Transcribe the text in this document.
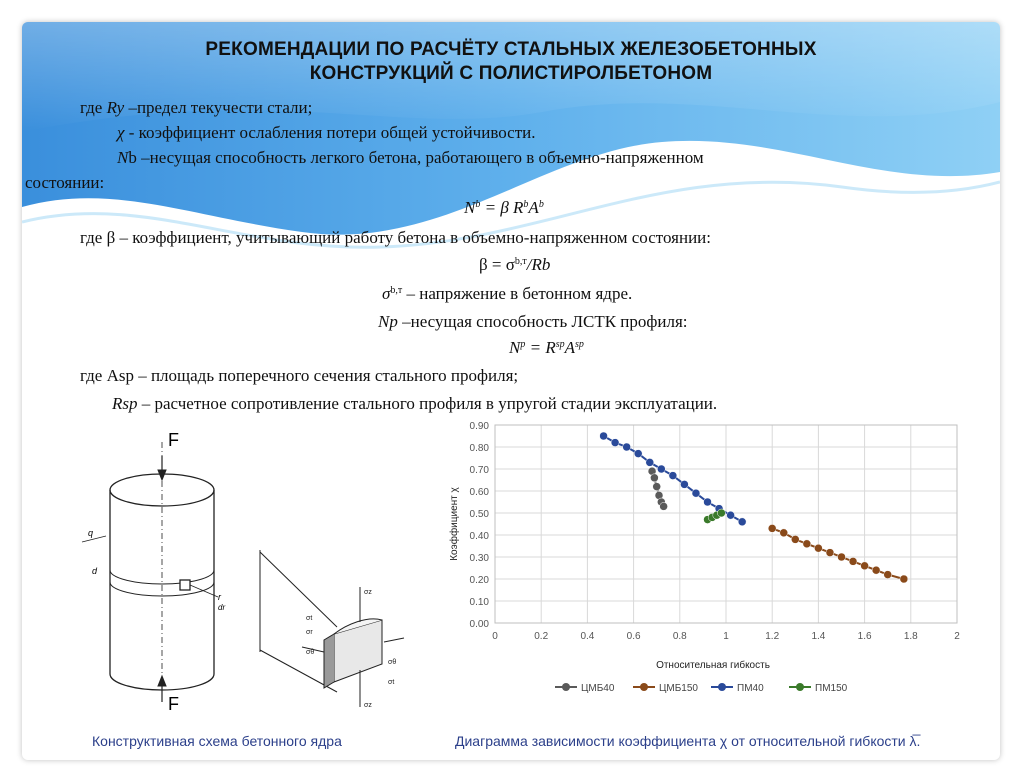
РЕКОМЕНДАЦИИ ПО РАСЧЁТУ СТАЛЬНЫХ ЖЕЛЕЗОБЕТОННЫХ
КОНСТРУКЦИЙ С ПОЛИСТИРОЛБЕТОНОМ
где Ry –предел текучести стали;
χ - коэффициент ослабления потери общей устойчивости.
Nb –несущая способность легкого бетона, работающего в объемно-напряженном
состоянии:
$N^b = \beta$ $R^bA^b$
где β – коэффициент, учитывающий работу бетона в объемно-напряженном состоянии:
$\beta = \sigma^{b,т}/Rb$
$\sigma^{b,т}$ – напряжение в бетонном ядре.
Np –несущая способность ЛСТК профиля:
$N^p = R^{sp}A^{sp}$
где Asp – площадь поперечного сечения стального профиля;
Rsp – расчетное сопротивление стального профиля в упругой стадии эксплуатации.
F
F
q
d
r
dr
σz
σt
σθ
σr
σz
σθ
σt
0.00
0.10
0.20
0.30
0.40
0.50
0.60
0.70
0.80
0.90
0	0.2	0.4	0.6	0.8	1	1.2	1.4	1.6	1.8	2
Относительная гибкость
Коэффициент χ
ЦМБ40	ЦМБ150	ПМ40	ПМ150
Конструктивная схема бетонного ядра	Диаграмма зависимости коэффициента χ от относительной гибкости λ̅.
